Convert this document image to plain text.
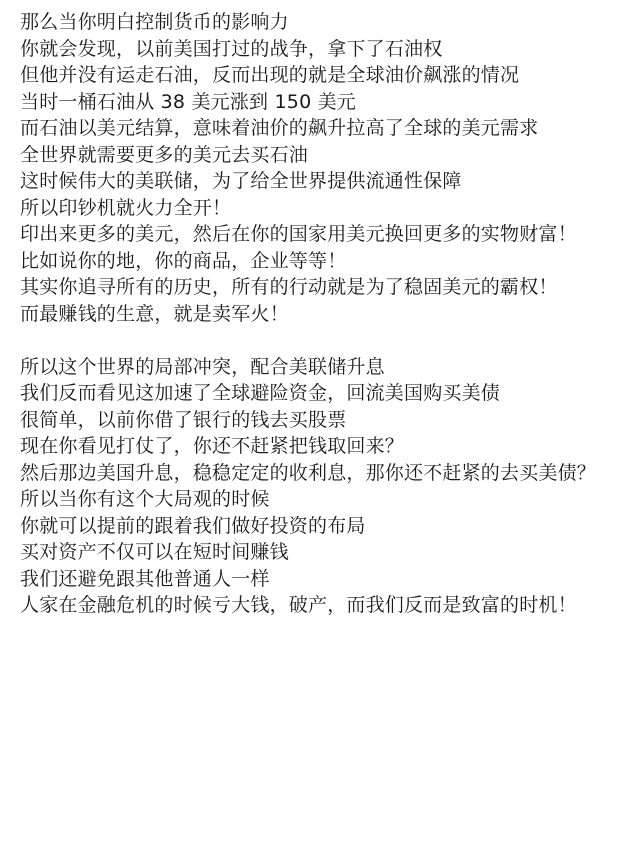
那么当你明白控制货币的影响力
你就会发现，以前美国打过的战争，拿下了石油权
但他并没有运走石油，反而出现的就是全球油价飙涨的情况
当时一桶石油从 38 美元涨到 150 美元
而石油以美元结算，意味着油价的飙升拉高了全球的美元需求
全世界就需要更多的美元去买石油
这时候伟大的美联储，为了给全世界提供流通性保障
所以印钞机就火力全开！
印出来更多的美元，然后在你的国家用美元换回更多的实物财富！
比如说你的地，你的商品，企业等等！
其实你追寻所有的历史，所有的行动就是为了稳固美元的霸权！
而最赚钱的生意，就是卖军火！
所以这个世界的局部冲突，配合美联储升息
我们反而看见这加速了全球避险资金，回流美国购买美债
很简单，以前你借了银行的钱去买股票
现在你看见打仗了，你还不赶紧把钱取回来？
然后那边美国升息，稳稳定定的收利息，那你还不赶紧的去买美债？
所以当你有这个大局观的时候
你就可以提前的跟着我们做好投资的布局
买对资产不仅可以在短时间赚钱
我们还避免跟其他普通人一样
人家在金融危机的时候亏大钱，破产，而我们反而是致富的时机！
